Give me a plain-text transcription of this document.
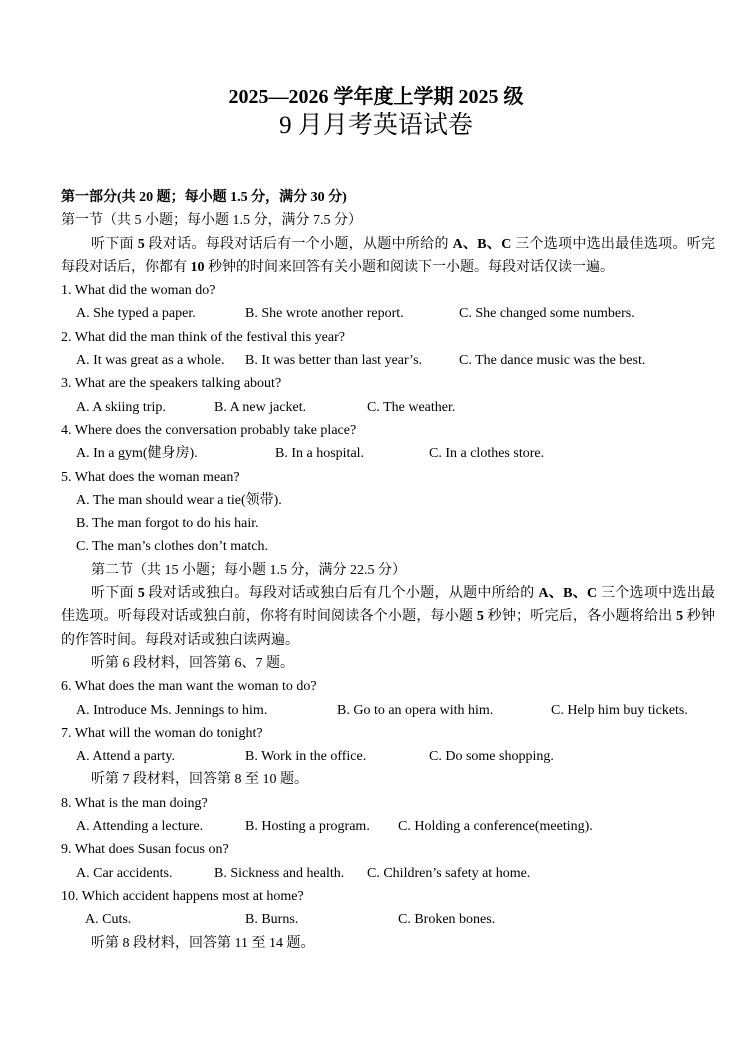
2025—2026 学年度上学期 2025 级
9 月月考英语试卷

第一部分(共 20 题；每小题 1.5 分，满分 30 分)

第一节（共 5 小题；每小题 1.5 分，满分 7.5 分）

听下面 5 段对话。每段对话后有一个小题，从题中所给的 A、B、C 三个选项中选出最佳选项。听完每段对话后，你都有 10 秒钟的时间来回答有关小题和阅读下一小题。每段对话仅读一遍。

1. What did the woman do?

A. She typed a paper.	B. She wrote another report.	C. She changed some numbers.

2. What did the man think of the festival this year?

A. It was great as a whole.	B. It was better than last year’s.	C. The dance music was the best.

3. What are the speakers talking about?

A. A skiing trip.	B. A new jacket.	C. The weather.

4. Where does the conversation probably take place?

A. In a gym(健身房).	B. In a hospital.	C. In a clothes store.

5. What does the woman mean?

A. The man should wear a tie(领带).

B. The man forgot to do his hair.

C. The man’s clothes don’t match.

第二节（共 15 小题；每小题 1.5 分，满分 22.5 分）

听下面 5 段对话或独白。每段对话或独白后有几个小题，从题中所给的 A、B、C 三个选项中选出最佳选项。听每段对话或独白前，你将有时间阅读各个小题，每小题 5 秒钟；听完后，各小题将给出 5 秒钟的作答时间。每段对话或独白读两遍。

听第 6 段材料，回答第 6、7 题。

6. What does the man want the woman to do?

A. Introduce Ms. Jennings to him.	B. Go to an opera with him.	C. Help him buy tickets.

7. What will the woman do tonight?

A. Attend a party.	B. Work in the office.	C. Do some shopping.

听第 7 段材料，回答第 8 至 10 题。

8. What is the man doing?

A. Attending a lecture.	B. Hosting a program.	C. Holding a conference(meeting).

9. What does Susan focus on?

A. Car accidents.	B. Sickness and health.	C. Children’s safety at home.

10. Which accident happens most at home?

A. Cuts.	B. Burns.	C. Broken bones.

听第 8 段材料，回答第 11 至 14 题。
